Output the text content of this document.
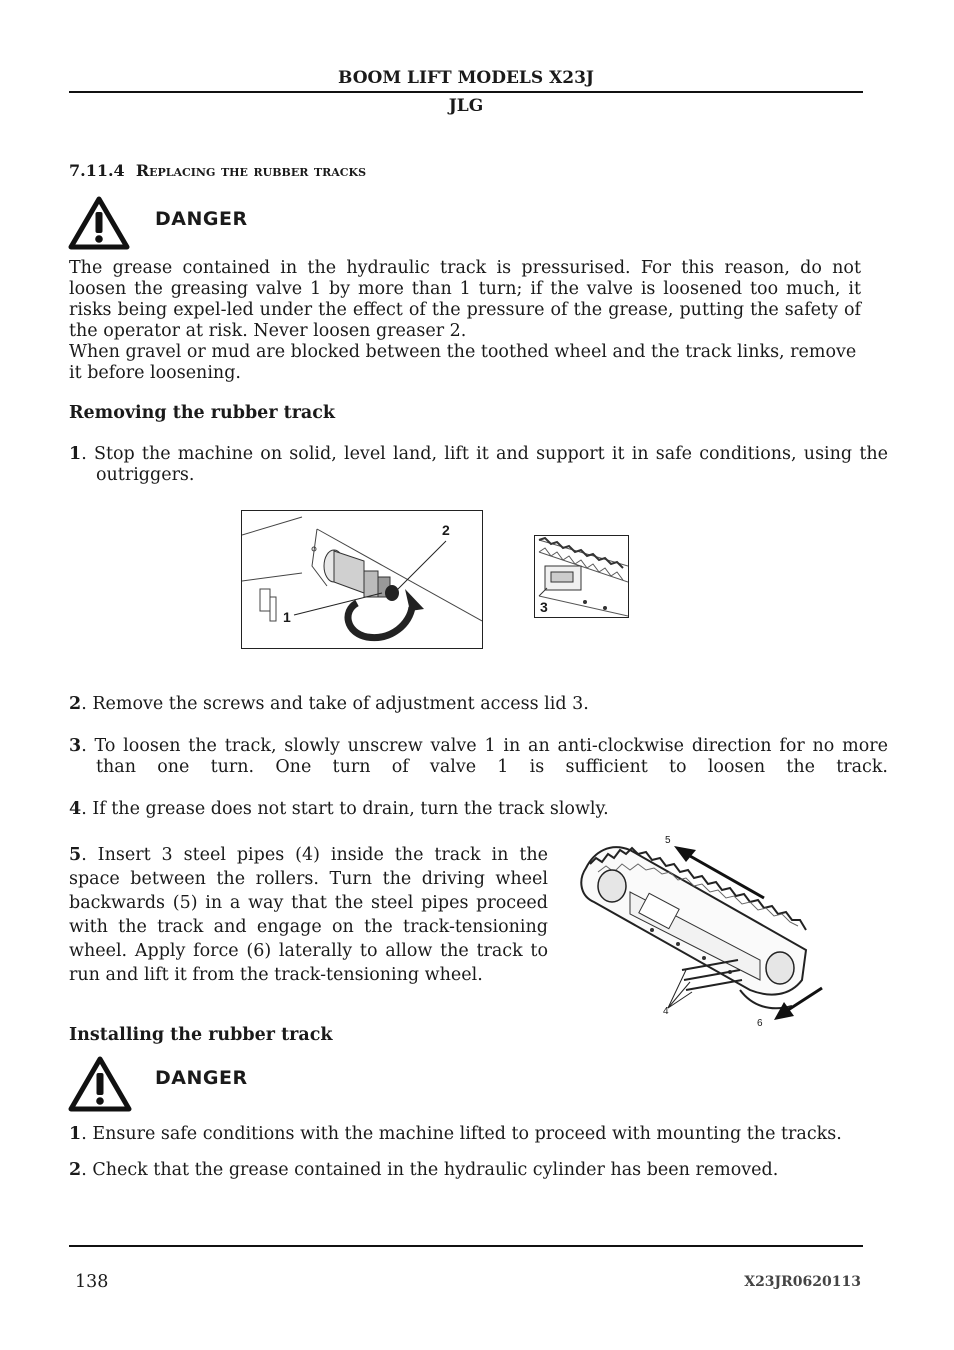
BOOM LIFT MODELS X23J
JLG
7.11.4 Replacing the rubber tracks
DANGER
The grease contained in the hydraulic track is pressurised. For this reason, do not loosen the greasing valve 1 by more than 1 turn; if the valve is loosened too much, it risks being expel-led under the effect of the pressure of the grease, putting the safety of the operator at risk. Never loosen greaser 2.
When gravel or mud are blocked between the toothed wheel and the track links, remove it before loosening.
Removing the rubber track
1. Stop the machine on solid, level land, lift it and support it in safe conditions, using the outriggers.
2
1
3
2. Remove the screws and take of adjustment access lid 3.
3. To loosen the track, slowly unscrew valve 1 in an anti-clockwise direction for no more than one turn. One turn of valve 1 is sufficient to loosen the track.
4. If the grease does not start to drain, turn the track slowly.
5. Insert 3 steel pipes (4) inside the track in the space between the rollers. Turn the driving wheel backwards (5) in a way that the steel pipes proceed with the track and engage on the track-tensioning wheel. Apply force (6) laterally to allow the track to run and lift it from the track-tensioning wheel.
5
4
6
Installing the rubber track
DANGER
1. Ensure safe conditions with the machine lifted to proceed with mounting the tracks.
2. Check that the grease contained in the hydraulic cylinder has been removed.
138	X23JR0620113
